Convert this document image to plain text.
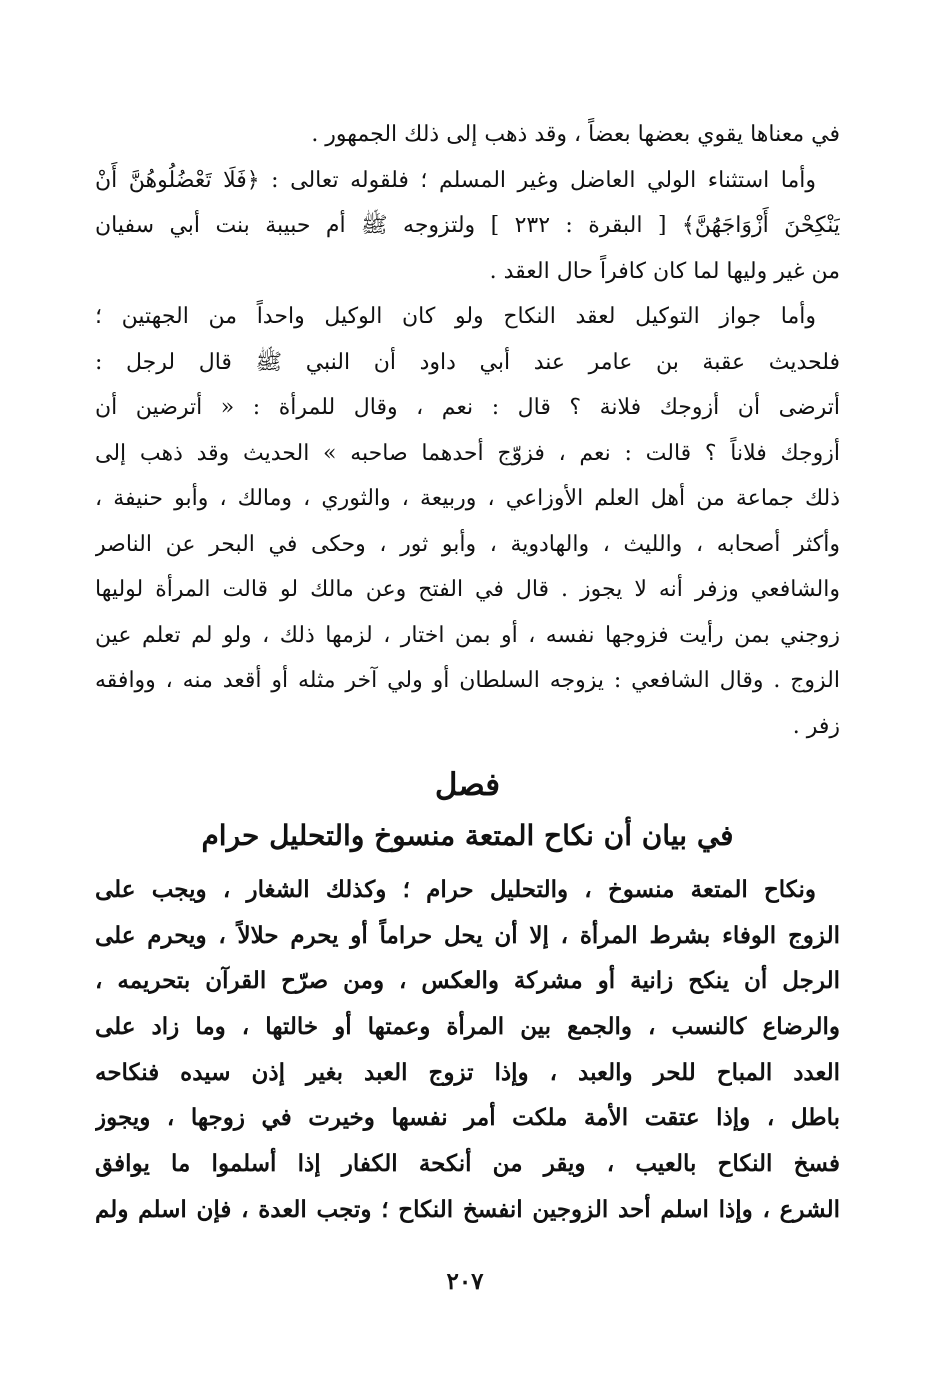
في معناها يقوي بعضها بعضاً ، وقد ذهب إلى ذلك الجمهور .
وأما استثناء الولي العاضل وغير المسلم ؛ فلقوله تعالى : ﴿فَلَا تَعْضُلُوهُنَّ أَنْ
يَنْكِحْنَ أَزْوَاجَهُنَّ﴾ [ البقرة : ٢٣٢ ] ولتزوجه ﷺ أم حبيبة بنت أبي سفيان
من غير وليها لما كان كافراً حال العقد .
وأما جواز التوكيل لعقد النكاح ولو كان الوكيل واحداً من الجهتين ؛
فلحديث عقبة بن عامر عند أبي داود أن النبي ﷺ قال لرجل :
أترضى أن أزوجك فلانة ؟ قال : نعم ، وقال للمرأة : « أترضين أن
أزوجك فلاناً ؟ قالت : نعم ، فزوّج أحدهما صاحبه » الحديث وقد ذهب إلى
ذلك جماعة من أهل العلم الأوزاعي ، وربيعة ، والثوري ، ومالك ، وأبو حنيفة ،
وأكثر أصحابه ، والليث ، والهادوية ، وأبو ثور ، وحكى في البحر عن الناصر
والشافعي وزفر أنه لا يجوز . قال في الفتح وعن مالك لو قالت المرأة لوليها
زوجني بمن رأيت فزوجها نفسه ، أو بمن اختار ، لزمها ذلك ، ولو لم تعلم عين
الزوج . وقال الشافعي : يزوجه السلطان أو ولي آخر مثله أو أقعد منه ، ووافقه
زفر .
فصل
في بيان أن نكاح المتعة منسوخ والتحليل حرام
ونكاح المتعة منسوخ ، والتحليل حرام ؛ وكذلك الشغار ، ويجب على
الزوج الوفاء بشرط المرأة ، إلا أن يحل حراماً أو يحرم حلالاً ، ويحرم على
الرجل أن ينكح زانية أو مشركة والعكس ، ومن صرّح القرآن بتحريمه ،
والرضاع كالنسب ، والجمع بين المرأة وعمتها أو خالتها ، وما زاد على
العدد المباح للحر والعبد ، وإذا تزوج العبد بغير إذن سيده فنكاحه
باطل ، وإذا عتقت الأمة ملكت أمر نفسها وخيرت في زوجها ، ويجوز
فسخ النكاح بالعيب ، ويقر من أنكحة الكفار إذا أسلموا ما يوافق
الشرع ، وإذا اسلم أحد الزوجين انفسخ النكاح ؛ وتجب العدة ، فإن اسلم ولم
٢٠٧
